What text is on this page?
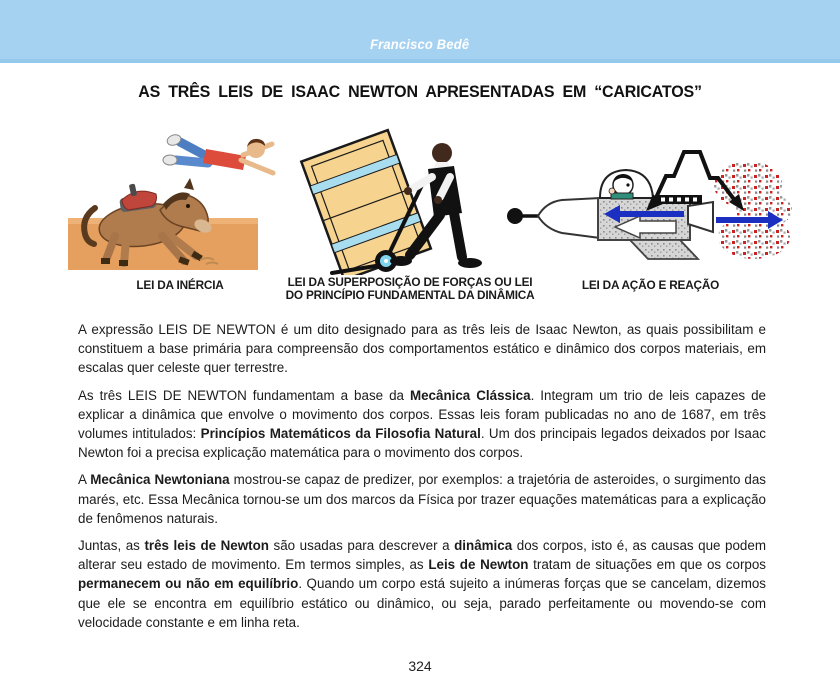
Francisco Bedê
AS TRÊS LEIS DE ISAAC NEWTON APRESENTADAS EM “CARICATOS”
LEI DA INÉRCIA	LEI DA SUPERPOSIÇÃO DE FORÇAS OU LEI
DO PRINCÍPIO FUNDAMENTAL DA DINÂMICA
LEI DA AÇÃO E REAÇÃO

A expressão LEIS DE NEWTON é um dito designado para as três leis de Isaac Newton, as quais possibilitam e constituem a base primária para compreensão dos comportamentos estático e dinâmico dos corpos materiais, em escalas quer celeste quer terrestre.

As três LEIS DE NEWTON fundamentam a base da Mecânica Clássica. Integram um trio de leis capazes de explicar a dinâmica que envolve o movimento dos corpos. Essas leis foram publicadas no ano de 1687, em três volumes intitulados: Princípios Matemáticos da Filosofia Natural. Um dos principais legados deixados por Isaac Newton foi a precisa explicação matemática para o movimento dos corpos.

A Mecânica Newtoniana mostrou-se capaz de predizer, por exemplos: a trajetória de asteroides, o surgimento das marés, etc. Essa Mecânica tornou-se um dos marcos da Física por trazer equações matemáticas para a explicação de fenômenos naturais.

Juntas, as três leis de Newton são usadas para descrever a dinâmica dos corpos, isto é, as causas que podem alterar seu estado de movimento. Em termos simples, as Leis de Newton tratam de situações em que os corpos permanecem ou não em equilíbrio. Quando um corpo está sujeito a inúmeras forças que se cancelam, dizemos que ele se encontra em equilíbrio estático ou dinâmico, ou seja, parado perfeitamente ou movendo-se com velocidade constante e em linha reta.

324
